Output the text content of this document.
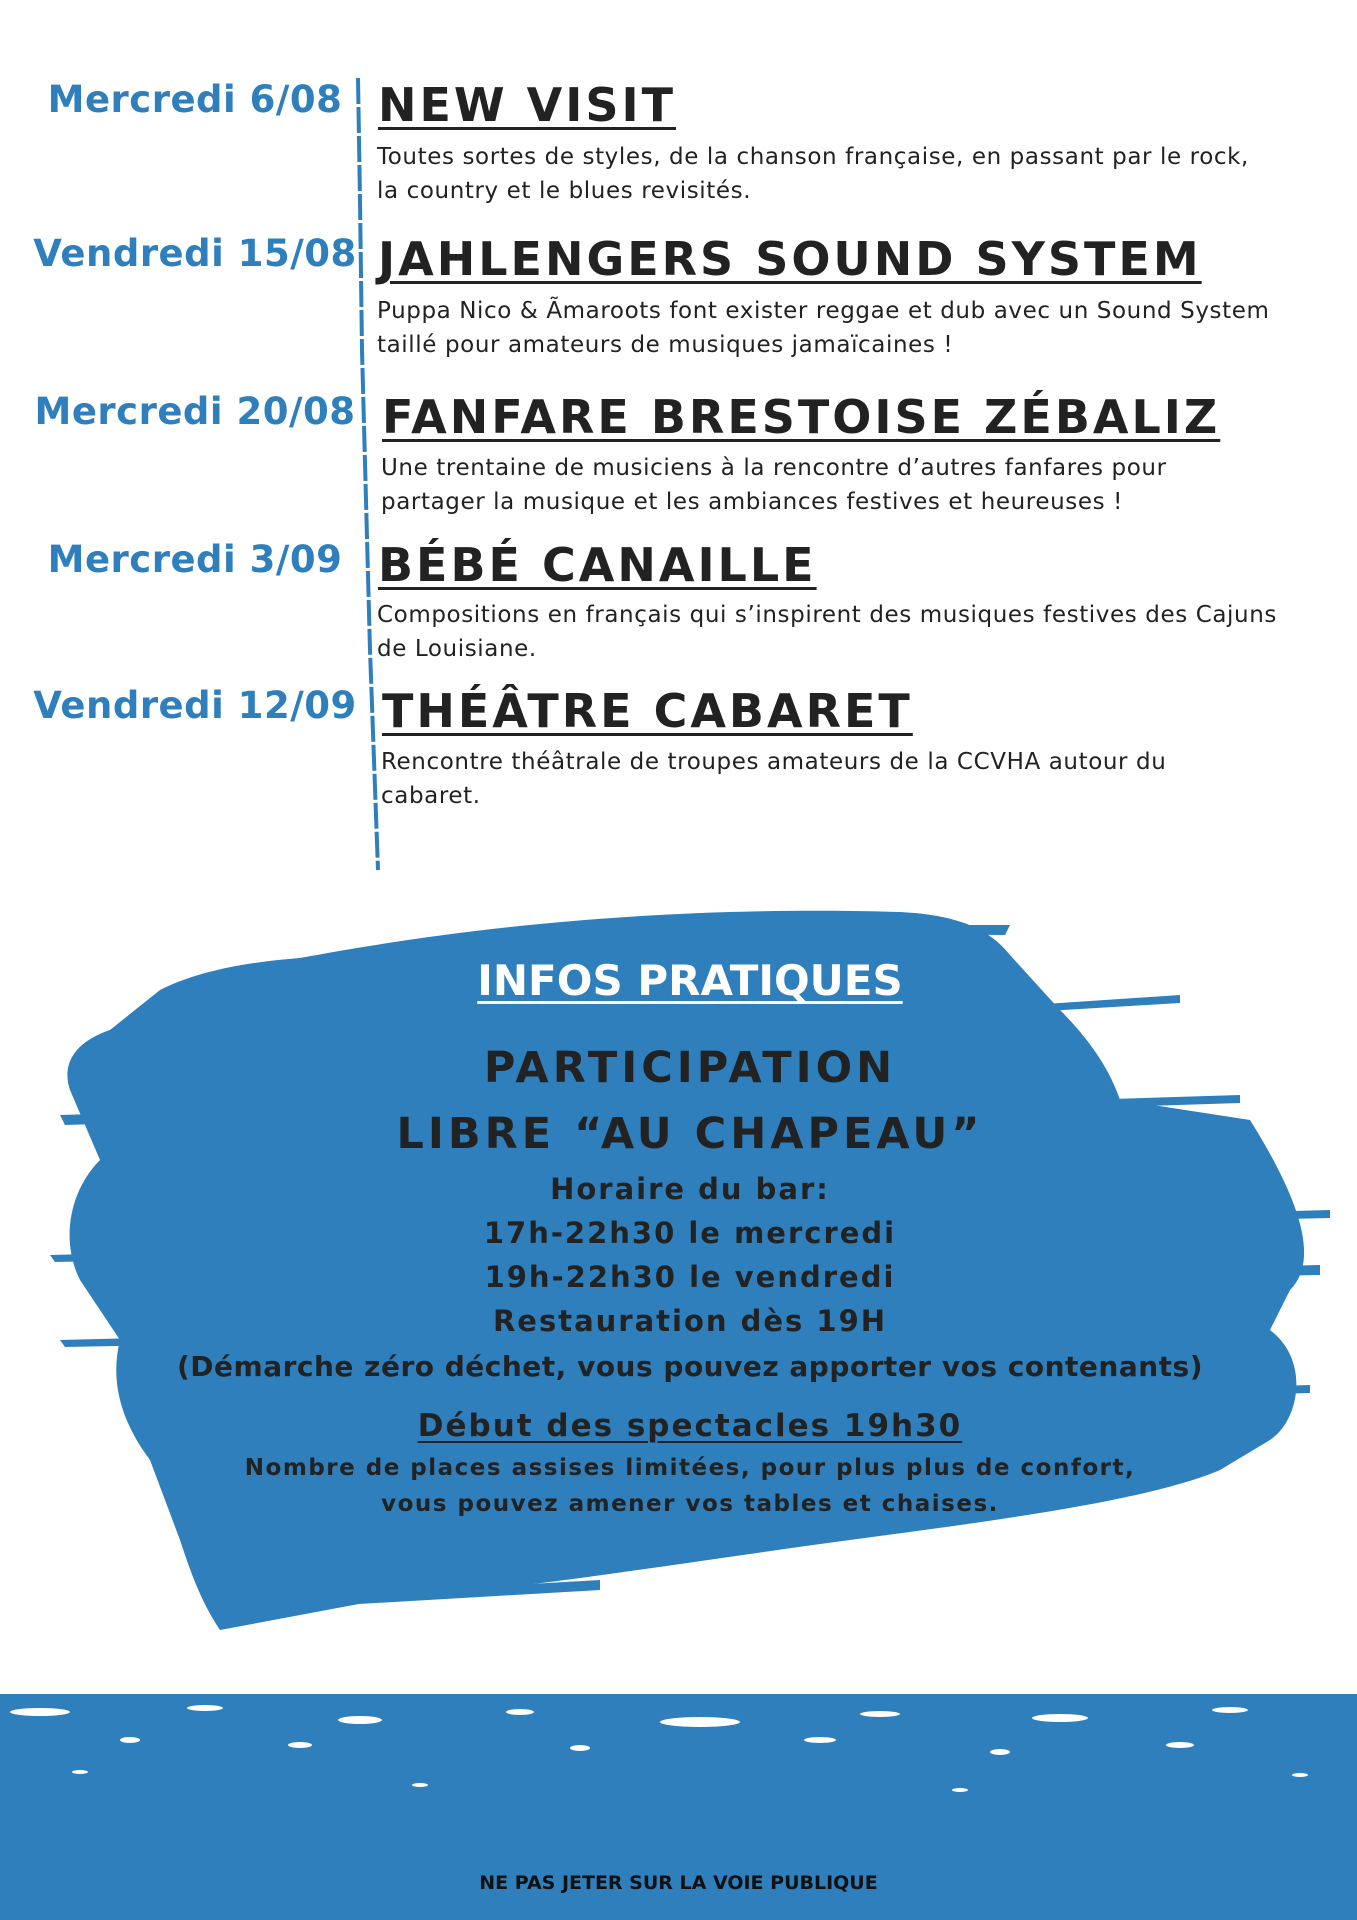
Mercredi 6/08 NEW VISIT
Toutes sortes de styles, de la chanson française, en passant par le rock,
la country et le blues revisités.
Vendredi 15/08 JAHLENGERS SOUND SYSTEM
Puppa Nico & Ãmaroots font exister reggae et dub avec un Sound System
taillé pour amateurs de musiques jamaïcaines !
Mercredi 20/08 FANFARE BRESTOISE ZÉBALIZ
Une trentaine de musiciens à la rencontre d’autres fanfares pour
partager la musique et les ambiances festives et heureuses !
Mercredi 3/09 BÉBÉ CANAILLE
Compositions en français qui s’inspirent des musiques festives des Cajuns
de Louisiane.
Vendredi 12/09 THÉÂTRE CABARET
Rencontre théâtrale de troupes amateurs de la CCVHA autour du
cabaret.
INFOS PRATIQUES
PARTICIPATION
LIBRE “AU CHAPEAU”
Horaire du bar:
17h-22h30 le mercredi
19h-22h30 le vendredi
Restauration dès 19H
(Démarche zéro déchet, vous pouvez apporter vos contenants)
Début des spectacles 19h30
Nombre de places assises limitées, pour plus plus de confort,
vous pouvez amener vos tables et chaises.
NE PAS JETER SUR LA VOIE PUBLIQUE
